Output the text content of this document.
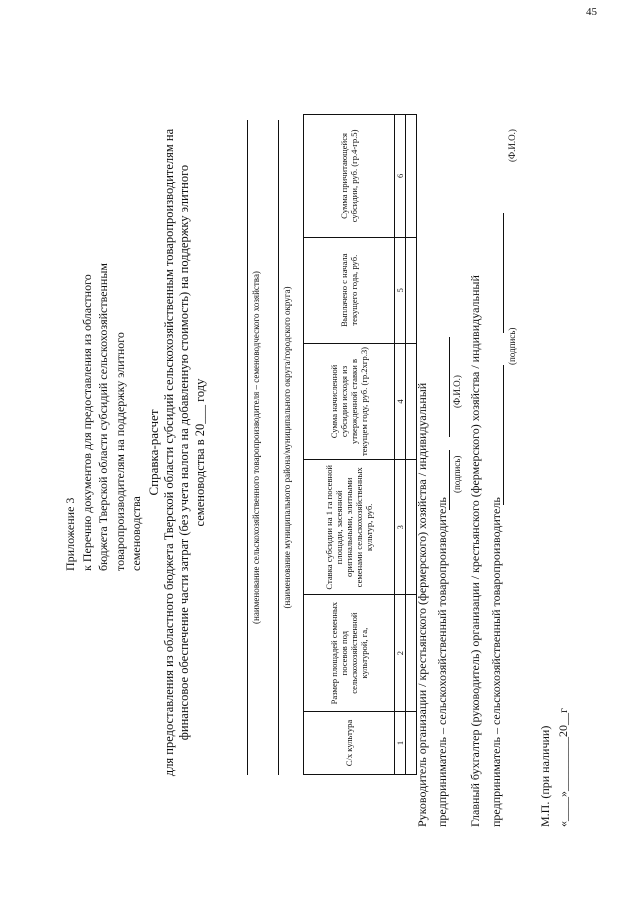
45
Приложение 3 к Перечню документов для предоставления из областного бюджета Тверской области субсидий сельскохозяйственным товаропроизводителям на поддержку элитного семеноводства
Справка-расчет для предоставления из областного бюджета Тверской области субсидий сельскохозяйственным товаропроизводителям на финансовое обеспечение части затрат (без учета налога на добавленную стоимость) на поддержку элитного семеноводства в 20___ году	(наименование сельскохозяйственного товаропроизводителя – семеноводческого хозяйства) (наименование муниципального района/муниципального округа/городского округа)
С/х культура	Размер площадей семенных посевов под сельскохозяйственной культурой, га,	Ставка субсидии на 1 га посевной площади, засеянной оригинальными, элитными семенами сельскохозяйственных культур, руб.	Сумма начисленной субсидии исходя из утвержденной ставки в текущем году, руб. (гр.2хгр.3)	Выплачено с начала текущего года, руб.	Сумма причитающейся субсидии, руб. (гр.4-гр.5)
1	2	3	4	5	6

Руководитель организации / крестьянского (фермерского) хозяйства / индивидуальный предприниматель – сельскохозяйственный товаропроизводитель
(подпись)
(Ф.И.О.) Главный бухгалтер (руководитель) организации / крестьянского (фермерского) хозяйства / индивидуальный предприниматель – сельскохозяйственный товаропроизводитель
(подпись)
(Ф.И.О.)
М.П. (при наличии) «____»_________20__г
